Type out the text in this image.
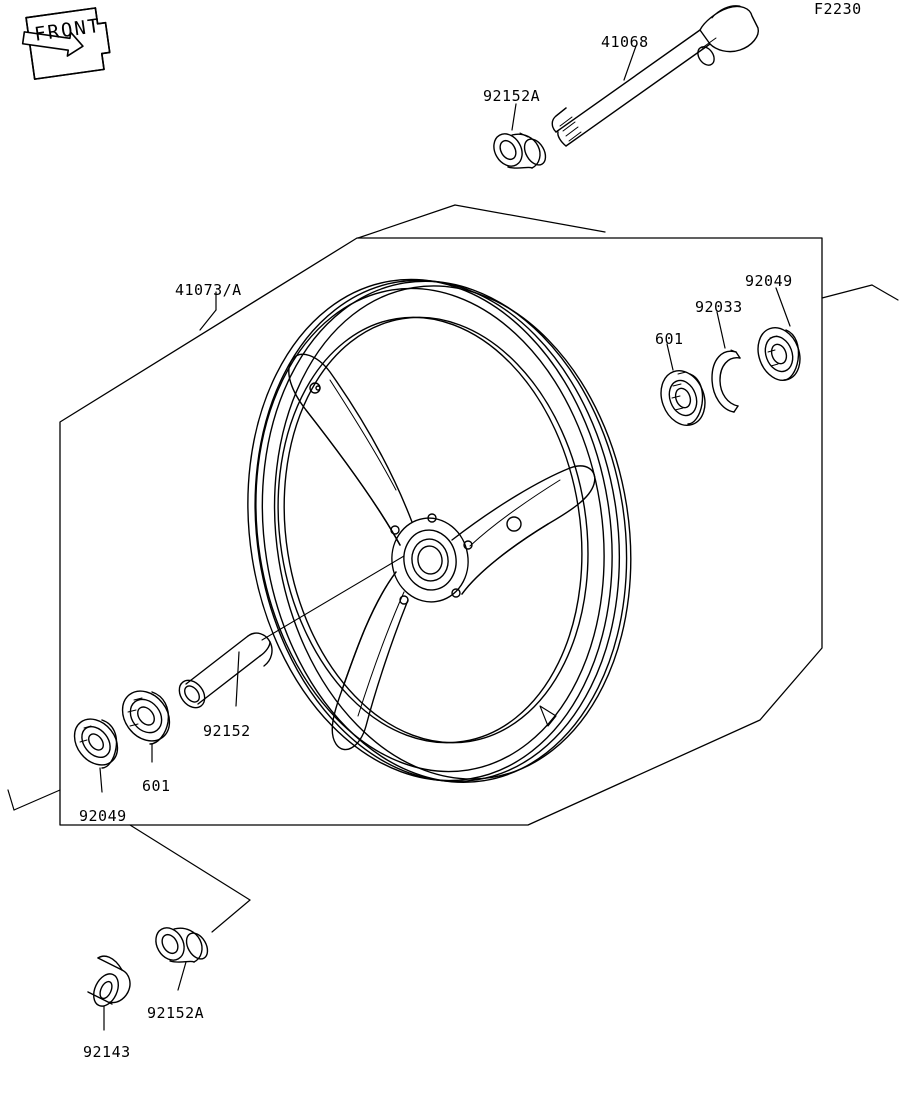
F2230
41068
92152A
41073/A	92049
92033
601
92152
601
92049
92152A
92143
FRONT
